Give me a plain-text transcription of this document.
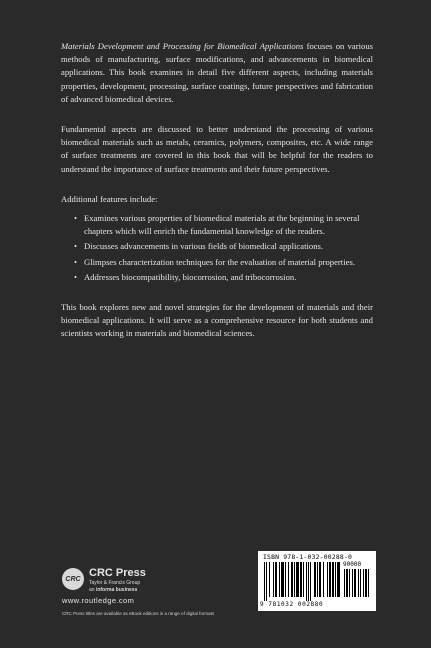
Materials Development and Processing for Biomedical Applications focuses on various methods of manufacturing, surface modifications, and advancements in biomedical applications. This book examines in detail five different aspects, including materials properties, development, processing, surface coatings, future perspectives and fabrication of advanced biomedical devices.

Fundamental aspects are discussed to better understand the processing of various biomedical materials such as metals, ceramics, polymers, composites, etc. A wide range of surface treatments are covered in this book that will be helpful for the readers to understand the importance of surface treatments and their future perspectives.

Additional features include:

• Examines various properties of biomedical materials at the beginning in several chapters which will enrich the fundamental knowledge of the readers.
• Discusses advancements in various fields of biomedical applications.
• Glimpses characterization techniques for the evaluation of material properties.
• Addresses biocompatibility, biocorrosion, and tribocorrosion.

This book explores new and novel strategies for the development of materials and their biomedical applications. It will serve as a comprehensive resource for both students and scientists working in materials and biomedical sciences.

CRC CRC Press
Taylor & Francis Group
an informa business
www.routledge.com
CRC Press titles are available as eBook editions in a range of digital formats
ISBN 978-1-032-00288-0
90000
9 781032 002880
